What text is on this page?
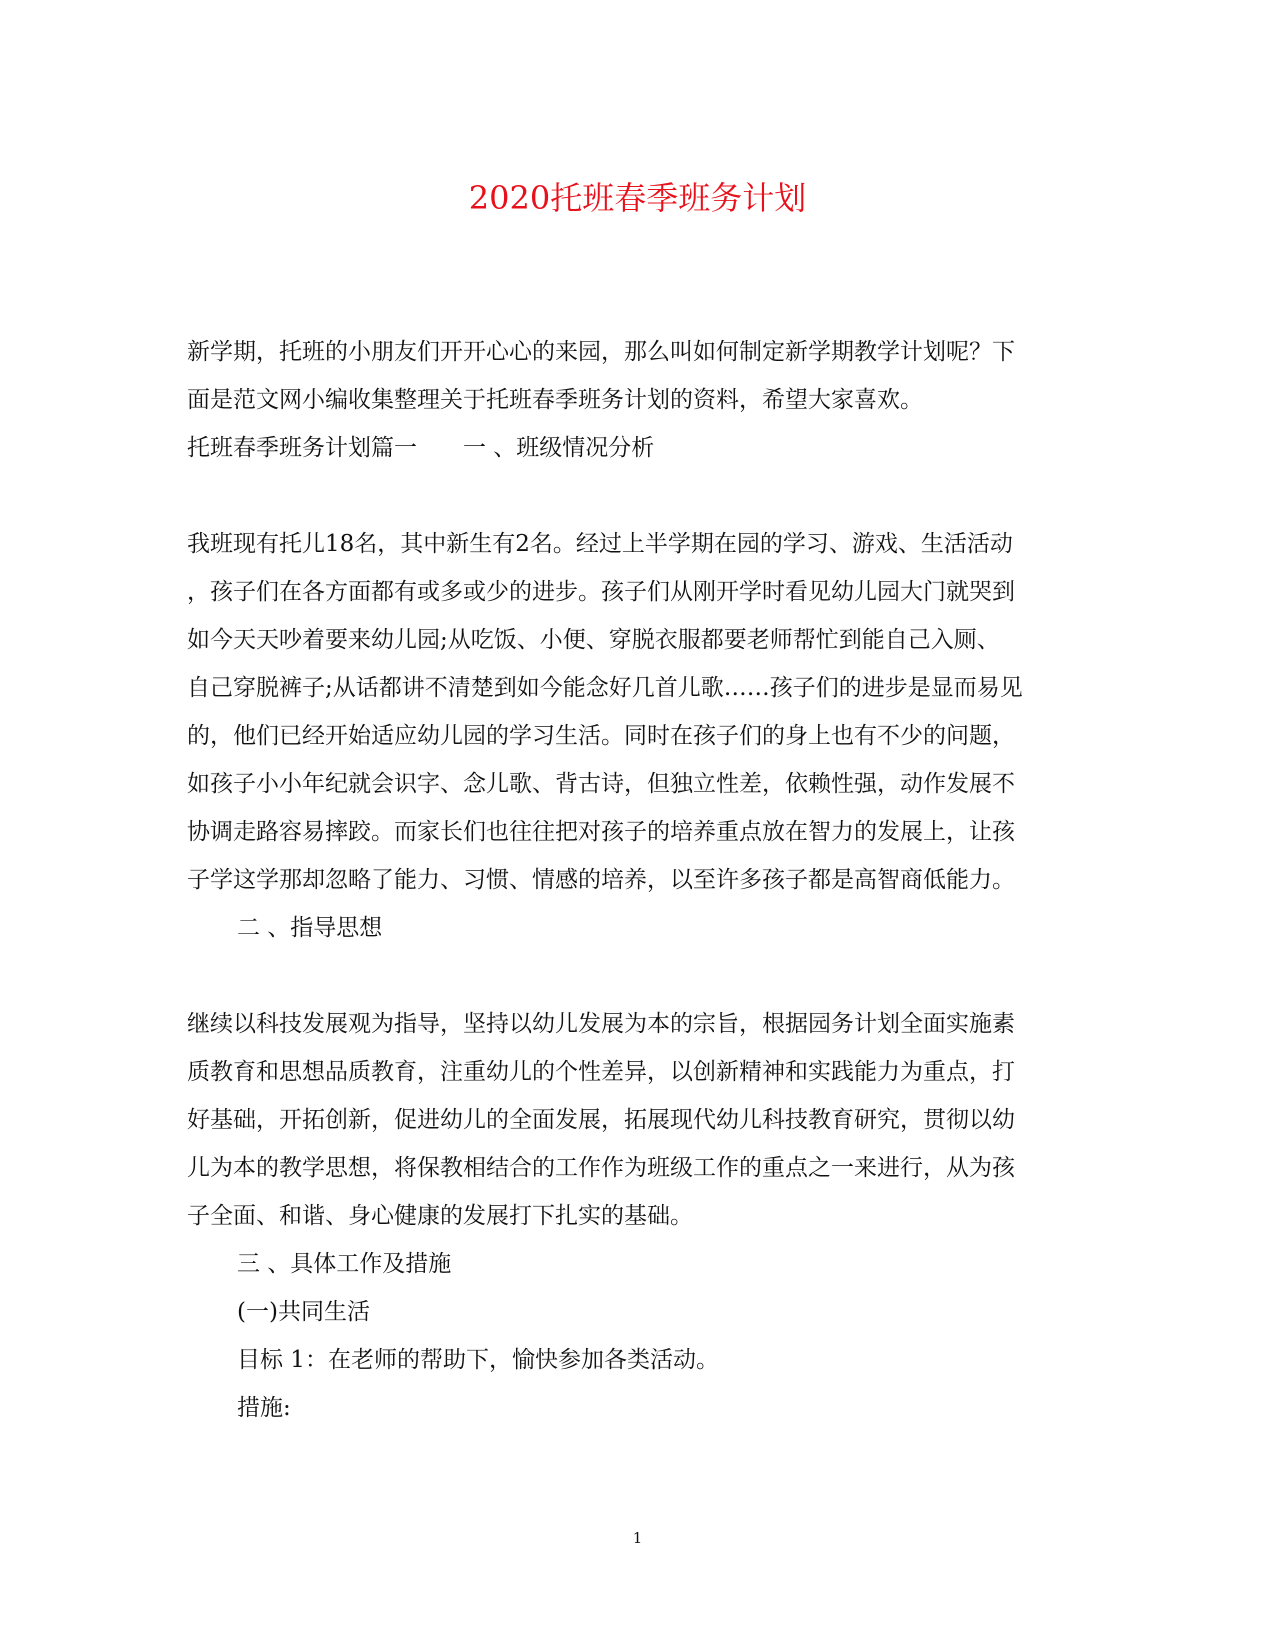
2020托班春季班务计划
新学期，托班的小朋友们开开心心的来园，那么叫如何制定新学期教学计划呢？下
面是范文网小编收集整理关于托班春季班务计划的资料，希望大家喜欢。
托班春季班务计划篇一　　一 、班级情况分析
我班现有托儿18名，其中新生有2名。经过上半学期在园的学习、游戏、生活活动
，孩子们在各方面都有或多或少的进步。孩子们从刚开学时看见幼儿园大门就哭到
如今天天吵着要来幼儿园;从吃饭、小便、穿脱衣服都要老师帮忙到能自己入厕、
自己穿脱裤子;从话都讲不清楚到如今能念好几首儿歌……孩子们的进步是显而易见
的，他们已经开始适应幼儿园的学习生活。同时在孩子们的身上也有不少的问题，
如孩子小小年纪就会识字、念儿歌、背古诗，但独立性差，依赖性强，动作发展不
协调走路容易摔跤。而家长们也往往把对孩子的培养重点放在智力的发展上，让孩
子学这学那却忽略了能力、习惯、情感的培养，以至许多孩子都是高智商低能力。
二 、指导思想
继续以科技发展观为指导，坚持以幼儿发展为本的宗旨，根据园务计划全面实施素
质教育和思想品质教育，注重幼儿的个性差异，以创新精神和实践能力为重点，打
好基础，开拓创新，促进幼儿的全面发展，拓展现代幼儿科技教育研究，贯彻以幼
儿为本的教学思想，将保教相结合的工作作为班级工作的重点之一来进行，从为孩
子全面、和谐、身心健康的发展打下扎实的基础。
三 、具体工作及措施
(一)共同生活
目标 1：在老师的帮助下，愉快参加各类活动。
措施:
1
